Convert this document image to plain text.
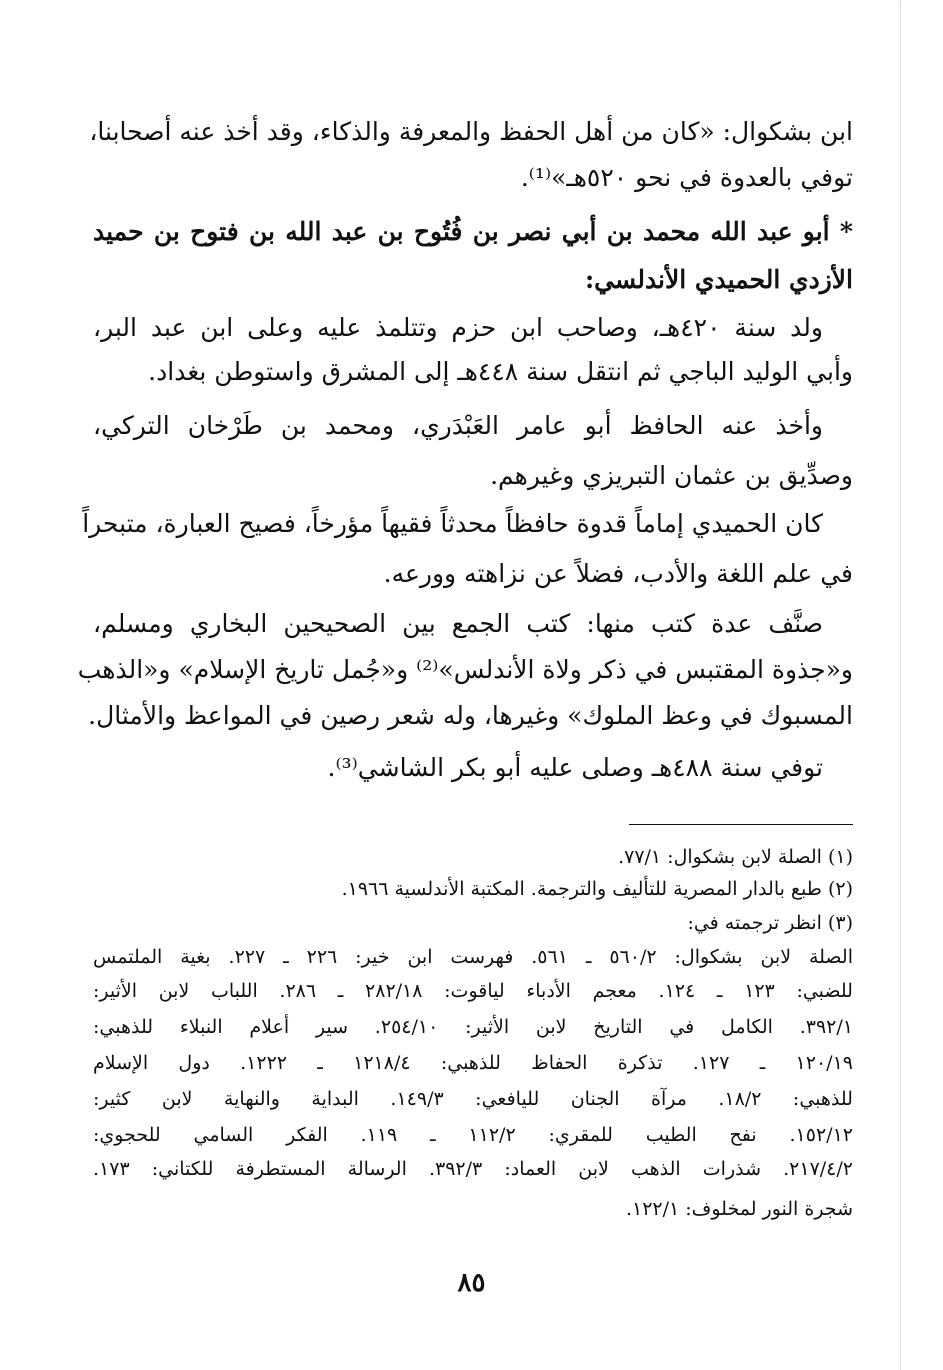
ابن بشكوال: «كان من أهل الحفظ والمعرفة والذكاء، وقد أخذ عنه أصحابنا،
توفي بالعدوة في نحو ٥٢٠هـ»⁽¹⁾.
* أبو عبد الله محمد بن أبي نصر بن فُتُوح بن عبد الله بن فتوح بن حميد
الأزدي الحميدي الأندلسي:
ولد سنة ٤٢٠هـ، وصاحب ابن حزم وتتلمذ عليه وعلى ابن عبد البر،
وأبي الوليد الباجي ثم انتقل سنة ٤٤٨هـ إلى المشرق واستوطن بغداد.
وأخذ عنه الحافظ أبو عامر العَبْدَري، ومحمد بن طَرْخان التركي،
وصدِّيق بن عثمان التبريزي وغيرهم.
كان الحميدي إماماً قدوة حافظاً محدثاً فقيهاً مؤرخاً، فصيح العبارة، متبحراً
في علم اللغة والأدب، فضلاً عن نزاهته وورعه.
صنَّف عدة كتب منها: كتب الجمع بين الصحيحين البخاري ومسلم،
و«جذوة المقتبس في ذكر ولاة الأندلس»⁽²⁾ و«جُمل تاريخ الإسلام» و«الذهب
المسبوك في وعظ الملوك» وغيرها، وله شعر رصين في المواعظ والأمثال.
توفي سنة ٤٨٨هـ وصلى عليه أبو بكر الشاشي⁽³⁾.
(١) الصلة لابن بشكوال: ٧٧/١.
(٢) طبع بالدار المصرية للتأليف والترجمة. المكتبة الأندلسية ١٩٦٦.
(٣) انظر ترجمته في:
الصلة لابن بشكوال: ٥٦٠/٢ ـ ٥٦١. فهرست ابن خير: ٢٢٦ ـ ٢٢٧. بغية الملتمس
للضبي: ١٢٣ ـ ١٢٤. معجم الأدباء لياقوت: ٢٨٢/١٨ ـ ٢٨٦. اللباب لابن الأثير:
٣٩٢/١. الكامل في التاريخ لابن الأثير: ٢٥٤/١٠. سير أعلام النبلاء للذهبي:
١٢٠/١٩ ـ ١٢٧. تذكرة الحفاظ للذهبي: ١٢١٨/٤ ـ ١٢٢٢. دول الإسلام
للذهبي: ١٨/٢. مرآة الجنان لليافعي: ١٤٩/٣. البداية والنهاية لابن كثير:
١٥٢/١٢. نفح الطيب للمقري: ١١٢/٢ ـ ١١٩. الفكر السامي للحجوي:
٢١٧/٤/٢. شذرات الذهب لابن العماد: ٣٩٢/٣. الرسالة المستطرفة للكتاني: ١٧٣.
شجرة النور لمخلوف: ١٢٢/١.
٨٥
